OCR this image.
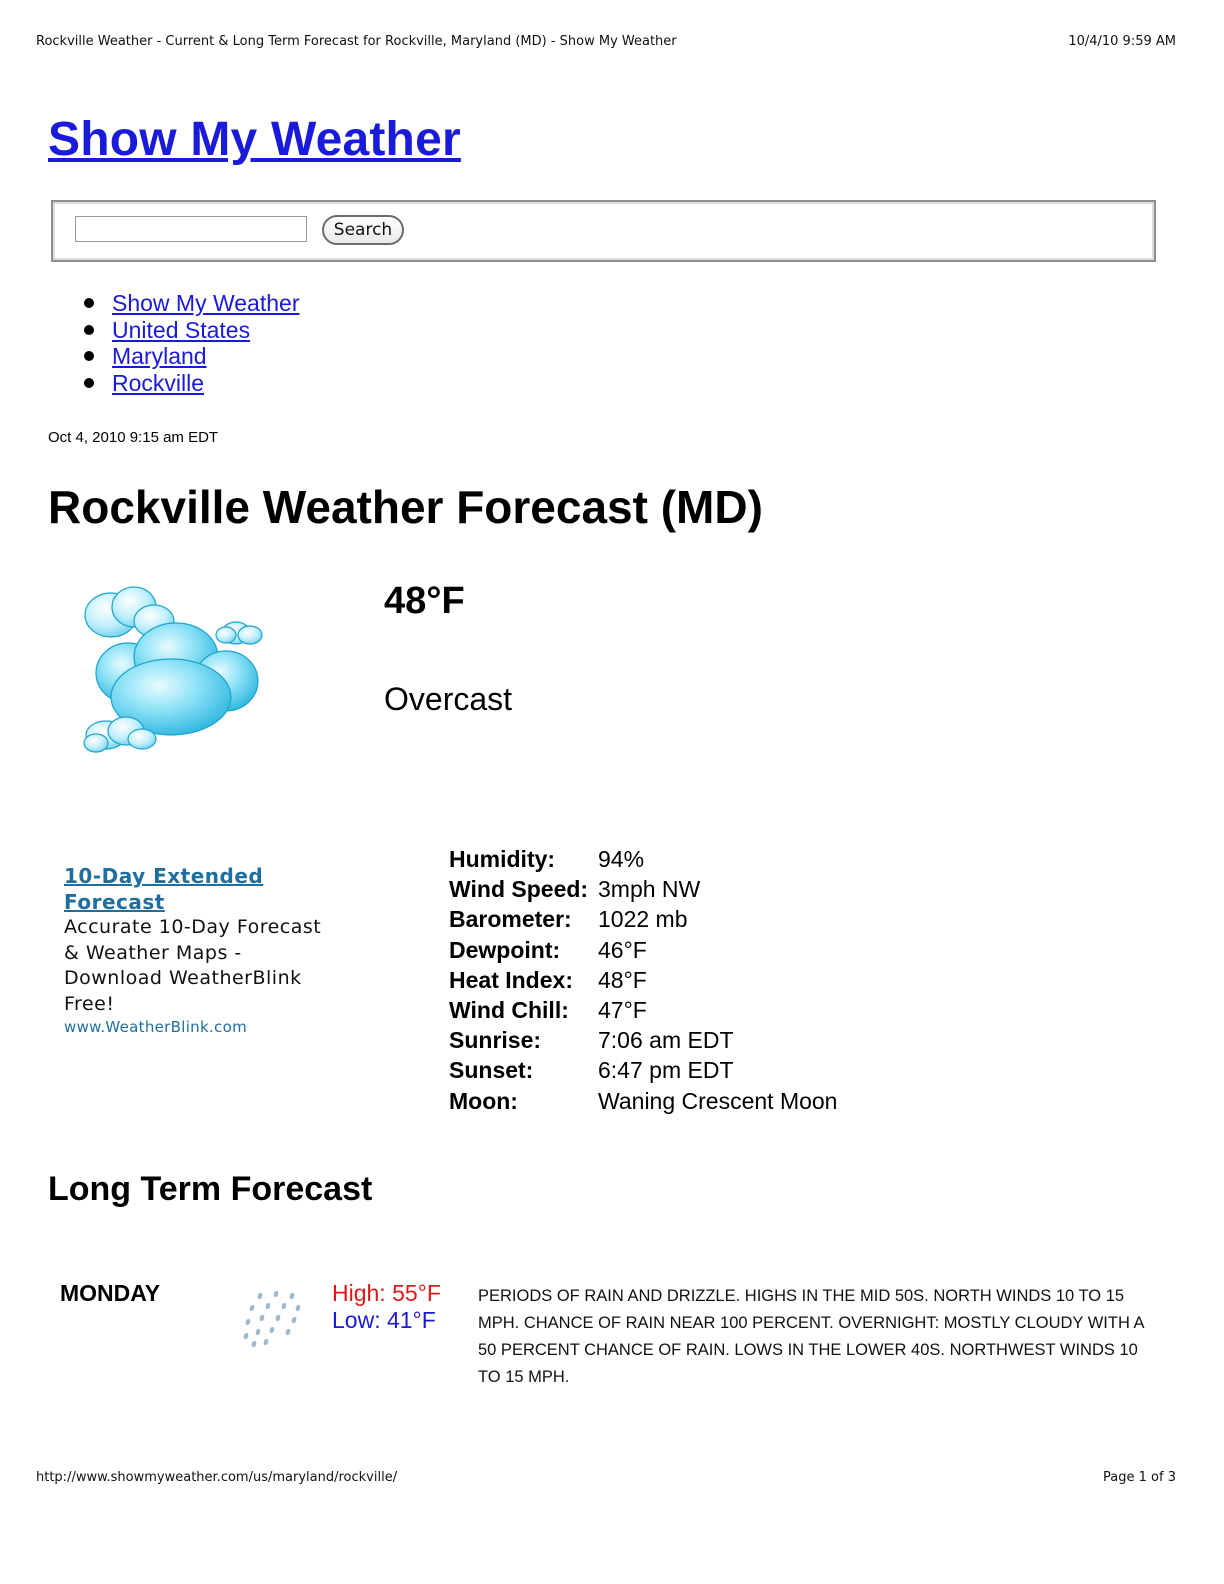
Rockville Weather - Current & Long Term Forecast for Rockville, Maryland (MD) - Show My Weather	10/4/10 9:59 AM
Show My Weather
Search
Show My Weather
United States
Maryland
Rockville
Oct 4, 2010 9:15 am EDT
Rockville Weather Forecast (MD)
48°F
Overcast
10-Day Extended Forecast
Accurate 10-Day Forecast & Weather Maps - Download WeatherBlink Free!
www.WeatherBlink.com
Humidity:	94%
Wind Speed: 3mph NW
Barometer:	1022 mb
Dewpoint:	46°F
Heat Index:	48°F
Wind Chill:	47°F
Sunrise:	7:06 am EDT
Sunset:	6:47 pm EDT
Moon:	Waning Crescent Moon
Long Term Forecast
MONDAY	High: 55°F
Low: 41°F
PERIODS OF RAIN AND DRIZZLE. HIGHS IN THE MID 50S. NORTH WINDS 10 TO 15 MPH. CHANCE OF RAIN NEAR 100 PERCENT. OVERNIGHT: MOSTLY CLOUDY WITH A 50 PERCENT CHANCE OF RAIN. LOWS IN THE LOWER 40S. NORTHWEST WINDS 10 TO 15 MPH.
http://www.showmyweather.com/us/maryland/rockville/	Page 1 of 3
